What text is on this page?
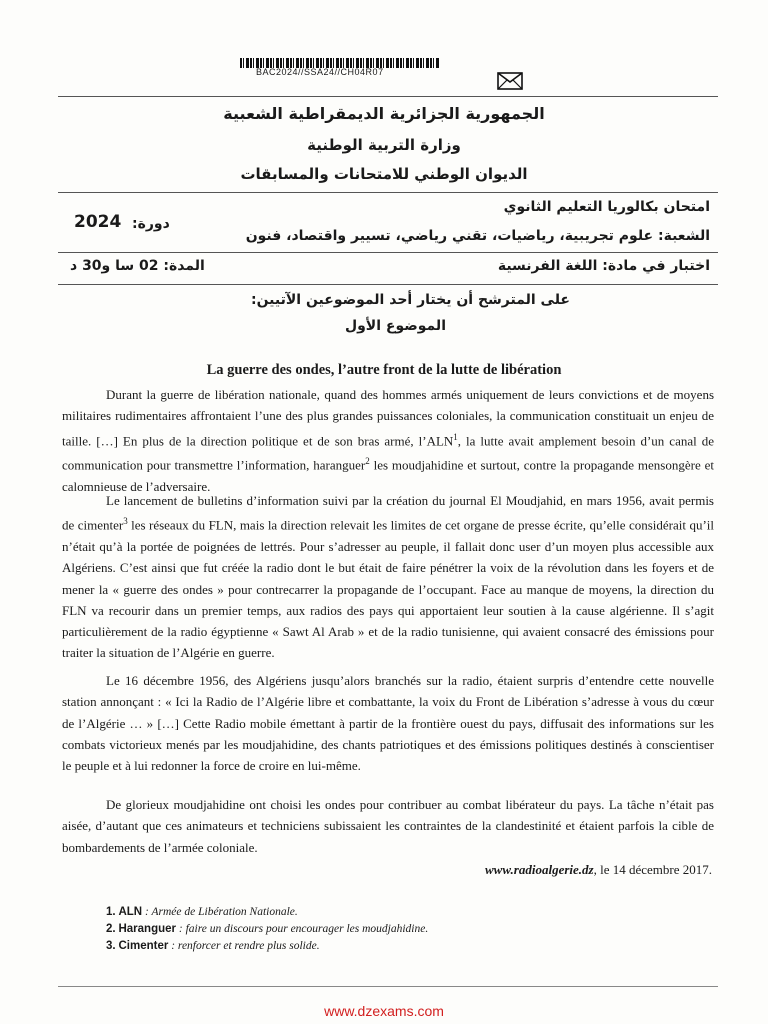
BAC2024//SSA24//CH04R07
الجمهورية الجزائرية الديمقراطية الشعبية
وزارة التربية الوطنية
الديوان الوطني للامتحانات والمسابقات
امتحان بكالوريا التعليم الثانوي
2024 دورة:
الشعبة: علوم تجريبية، رياضيات، تقني رياضي، تسيير واقتصاد، فنون
اختبار في مادة: اللغة الفرنسية
المدة: 02 سا و30 د
على المترشح أن يختار أحد الموضوعين الآتيين:
الموضوع الأول
La guerre des ondes, l’autre front de la lutte de libération

Durant la guerre de libération nationale, quand des hommes armés uniquement de leurs convictions et de moyens militaires rudimentaires affrontaient l’une des plus grandes puissances coloniales, la communication constituait un enjeu de taille. […] En plus de la direction politique et de son bras armé, l’ALN$^1$, la lutte avait amplement besoin d’un canal de communication pour transmettre l’information, haranguer$^2$ les moudjahidine et surtout, contre la propagande mensongère et calomnieuse de l’adversaire.

Le lancement de bulletins d’information suivi par la création du journal El Moudjahid, en mars 1956, avait permis de cimenter$^3$ les réseaux du FLN, mais la direction relevait les limites de cet organe de presse écrite, qu’elle considérait qu’il n’était qu’à la portée de poignées de lettrés. Pour s’adresser au peuple, il fallait donc user d’un moyen plus accessible aux Algériens. C’est ainsi que fut créée la radio dont le but était de faire pénétrer la voix de la révolution dans les foyers et de mener la « guerre des ondes » pour contrecarrer la propagande de l’occupant. Face au manque de moyens, la direction du FLN va recourir dans un premier temps, aux radios des pays qui apportaient leur soutien à la cause algérienne. Il s’agit particulièrement de la radio égyptienne « Sawt Al Arab » et de la radio tunisienne, qui avaient consacré des émissions pour traiter la situation de l’Algérie en guerre.

Le 16 décembre 1956, des Algériens jusqu’alors branchés sur la radio, étaient surpris d’entendre cette nouvelle station annonçant : « Ici la Radio de l’Algérie libre et combattante, la voix du Front de Libération s’adresse à vous du cœur de l’Algérie … » […] Cette Radio mobile émettant à partir de la frontière ouest du pays, diffusait des informations sur les combats victorieux menés par les moudjahidine, des chants patriotiques et des émissions politiques destinés à conscientiser le peuple et à lui redonner la force de croire en lui-même.

De glorieux moudjahidine ont choisi les ondes pour contribuer au combat libérateur du pays. La tâche n’était pas aisée, d’autant que ces animateurs et techniciens subissaient les contraintes de la clandestinité et étaient parfois la cible de bombardements de l’armée coloniale.

www.radioalgerie.dz, le 14 décembre 2017.
1. ALN : Armée de Libération Nationale.
2. Haranguer : faire un discours pour encourager les moudjahidine.
3. Cimenter : renforcer et rendre plus solide.
www.dzexams.com
